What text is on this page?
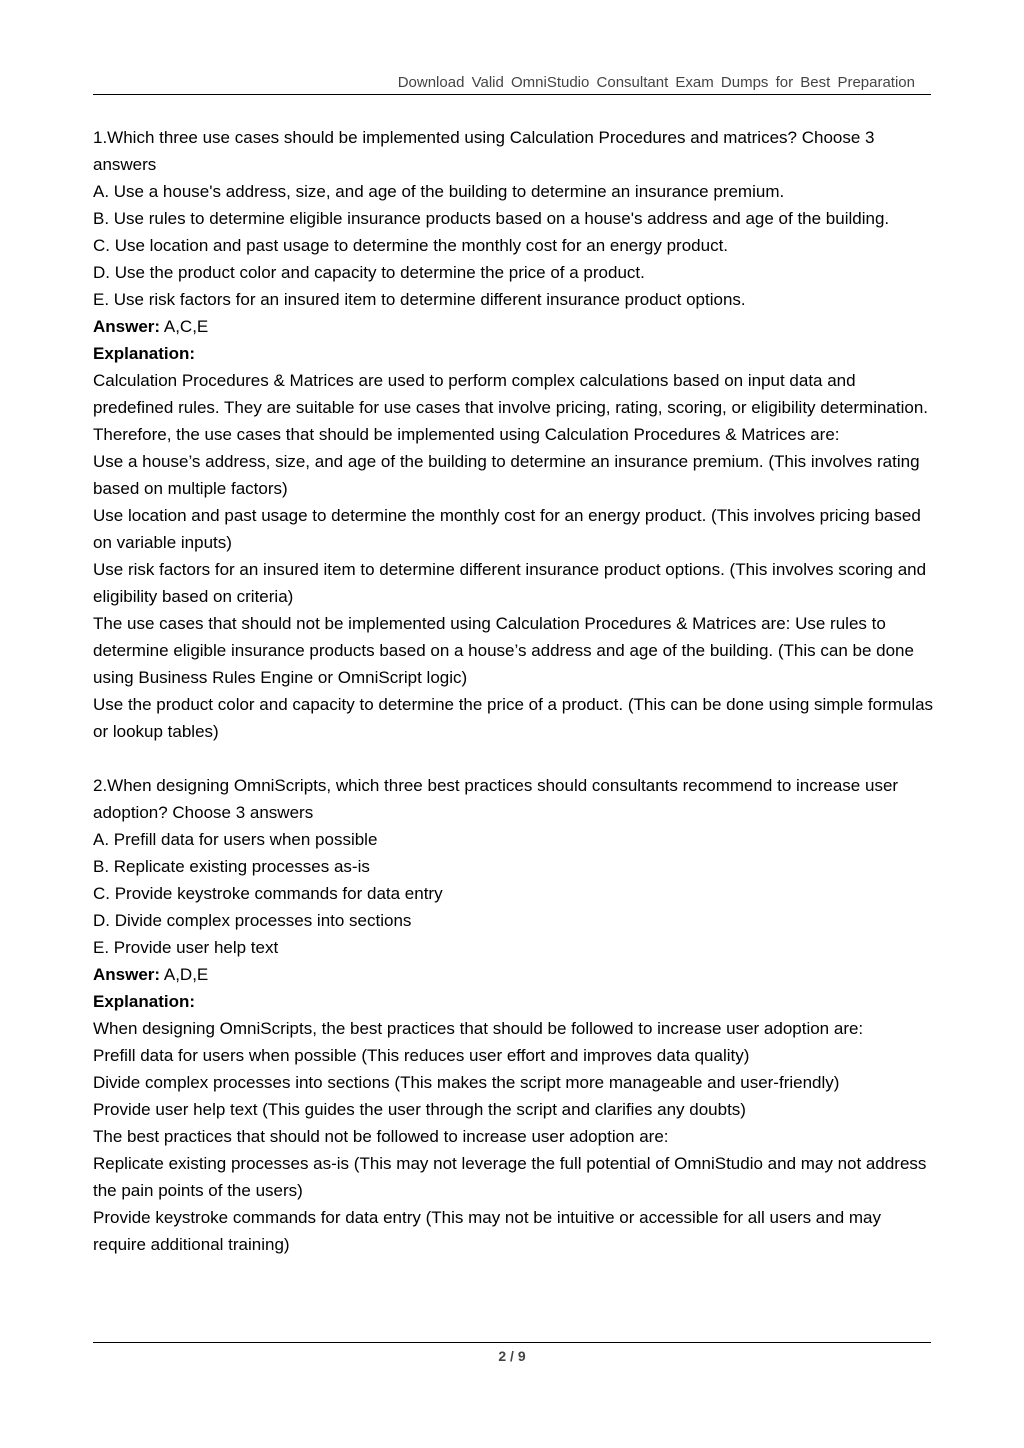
Download Valid OmniStudio Consultant Exam Dumps for Best Preparation

1.Which three use cases should be implemented using Calculation Procedures and matrices? Choose 3 answers

A. Use a house's address, size, and age of the building to determine an insurance premium.

B. Use rules to determine eligible insurance products based on a house's address and age of the building.

C. Use location and past usage to determine the monthly cost for an energy product.

D. Use the product color and capacity to determine the price of a product.

E. Use risk factors for an insured item to determine different insurance product options.

Answer: A,C,E

Explanation:

Calculation Procedures & Matrices are used to perform complex calculations based on input data and predefined rules. They are suitable for use cases that involve pricing, rating, scoring, or eligibility determination. Therefore, the use cases that should be implemented using Calculation Procedures & Matrices are:

Use a house’s address, size, and age of the building to determine an insurance premium. (This involves rating based on multiple factors)

Use location and past usage to determine the monthly cost for an energy product. (This involves pricing based on variable inputs)

Use risk factors for an insured item to determine different insurance product options. (This involves scoring and eligibility based on criteria)

The use cases that should not be implemented using Calculation Procedures & Matrices are: Use rules to determine eligible insurance products based on a house’s address and age of the building. (This can be done using Business Rules Engine or OmniScript logic)

Use the product color and capacity to determine the price of a product. (This can be done using simple formulas or lookup tables)

2.When designing OmniScripts, which three best practices should consultants recommend to increase user adoption? Choose 3 answers

A. Prefill data for users when possible

B. Replicate existing processes as-is

C. Provide keystroke commands for data entry

D. Divide complex processes into sections

E. Provide user help text

Answer: A,D,E

Explanation:

When designing OmniScripts, the best practices that should be followed to increase user adoption are:

Prefill data for users when possible (This reduces user effort and improves data quality)

Divide complex processes into sections (This makes the script more manageable and user-friendly)

Provide user help text (This guides the user through the script and clarifies any doubts)

The best practices that should not be followed to increase user adoption are:

Replicate existing processes as-is (This may not leverage the full potential of OmniStudio and may not address the pain points of the users)

Provide keystroke commands for data entry (This may not be intuitive or accessible for all users and may require additional training)

2 / 9
